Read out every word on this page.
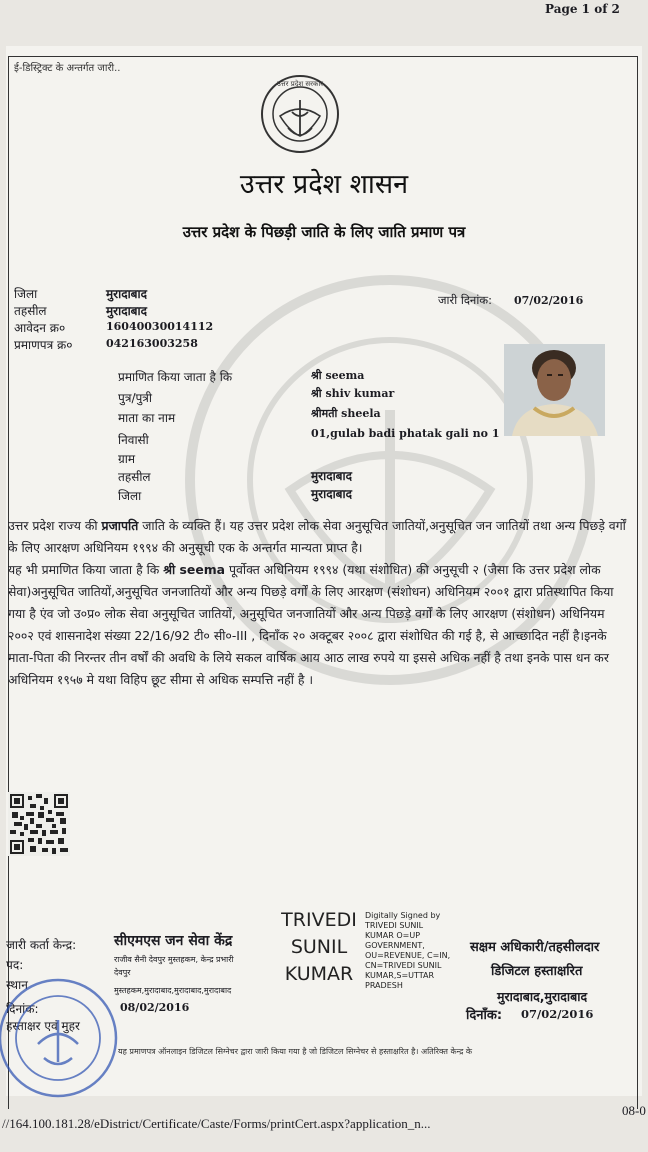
Page 1 of 2
ई-डिस्ट्रिक्ट के अन्तर्गत जारी..
उत्तर प्रदेश सरकार
उत्तर प्रदेश शासन
उत्तर प्रदेश के पिछड़ी जाति के लिए जाति प्रमाण पत्र
जिला	मुरादाबाद
तहसील	मुरादाबाद
आवेदन क्र०	16040030014112
प्रमाणपत्र क्र०	042163003258
जारी दिनांक: 07/02/2016
प्रमाणित किया जाता है कि	श्री seema
पुत्र/पुत्री	श्री shiv kumar
माता का नाम	श्रीमती sheela
निवासी	01,gulab badi phatak gali no 1
ग्राम
तहसील	मुरादाबाद
जिला	मुरादाबाद

उत्तर प्रदेश राज्य की प्रजापति जाति के व्यक्ति हैं। यह उत्तर प्रदेश लोक सेवा अनुसूचित जातियों,अनुसूचित जन जातियों तथा अन्य पिछड़े वर्गों के लिए आरक्षण अधिनियम १९९४ की अनुसूची एक के अन्तर्गत मान्यता प्राप्त है।

यह भी प्रमाणित किया जाता है कि श्री seema पूर्वोक्त अधिनियम १९९४ (यथा संशोधित) की अनुसूची २ (जैसा कि उत्तर प्रदेश लोक सेवा)अनुसूचित जातियों,अनुसूचित जनजातियों और अन्य पिछड़े वर्गों के लिए आरक्षण (संशोधन) अधिनियम २००१ द्वारा प्रतिस्थापित किया गया है एंव जो उ०प्र० लोक सेवा अनुसूचित जातियों, अनुसूचित जनजातियों और अन्य पिछड़े वर्गों के लिए आरक्षण (संशोधन) अधिनियम २००२ एवं शासनादेश संख्या 22/16/92 टी० सी०-III , दिनाँक २० अक्टूबर २००८ द्वारा संशोधित की गई है, से आच्छादित नहीं है।इनके माता-पिता की निरन्तर तीन वर्षों की अवधि के लिये सकल वार्षिक आय आठ लाख रुपये या इससे अधिक नहीं है तथा इनके पास धन कर अधिनियम १९५७ मे यथा विहिप छूट सीमा से अधिक सम्पत्ति नहीं है ।

जारी कर्ता केन्द्र:	सीएमएस जन सेवा केंद्र
पद:	राजीव सैनी देवपुर मुस्तहकम, केन्द्र प्रभारी
देवपुर
स्थान	मुस्तहकम,मुरादाबाद,मुरादाबाद,मुरादाबाद
दिनांक:	08/02/2016
हस्ताक्षर एवं मुहर
TRIVEDI
SUNIL
KUMAR
Digitally Signed by
TRIVEDI SUNIL
KUMAR O=UP
GOVERNMENT,
OU=REVENUE, C=IN,
CN=TRIVEDI SUNIL
KUMAR,S=UTTAR
PRADESH
सक्षम अधिकारी/तहसीलदार
डिजिटल हस्ताक्षरित
मुरादाबाद,मुरादाबाद
दिनाँक: 07/02/2016
यह प्रमाणपत्र ऑनलाइन डिजिटल सिग्नेचर द्वारा जारी किया गया है जो डिजिटल सिग्नेचर से हस्ताक्षरित है। अतिरिक्त केन्द्र के
//164.100.181.28/eDistrict/Certificate/Caste/Forms/printCert.aspx?application_n...
08-0
